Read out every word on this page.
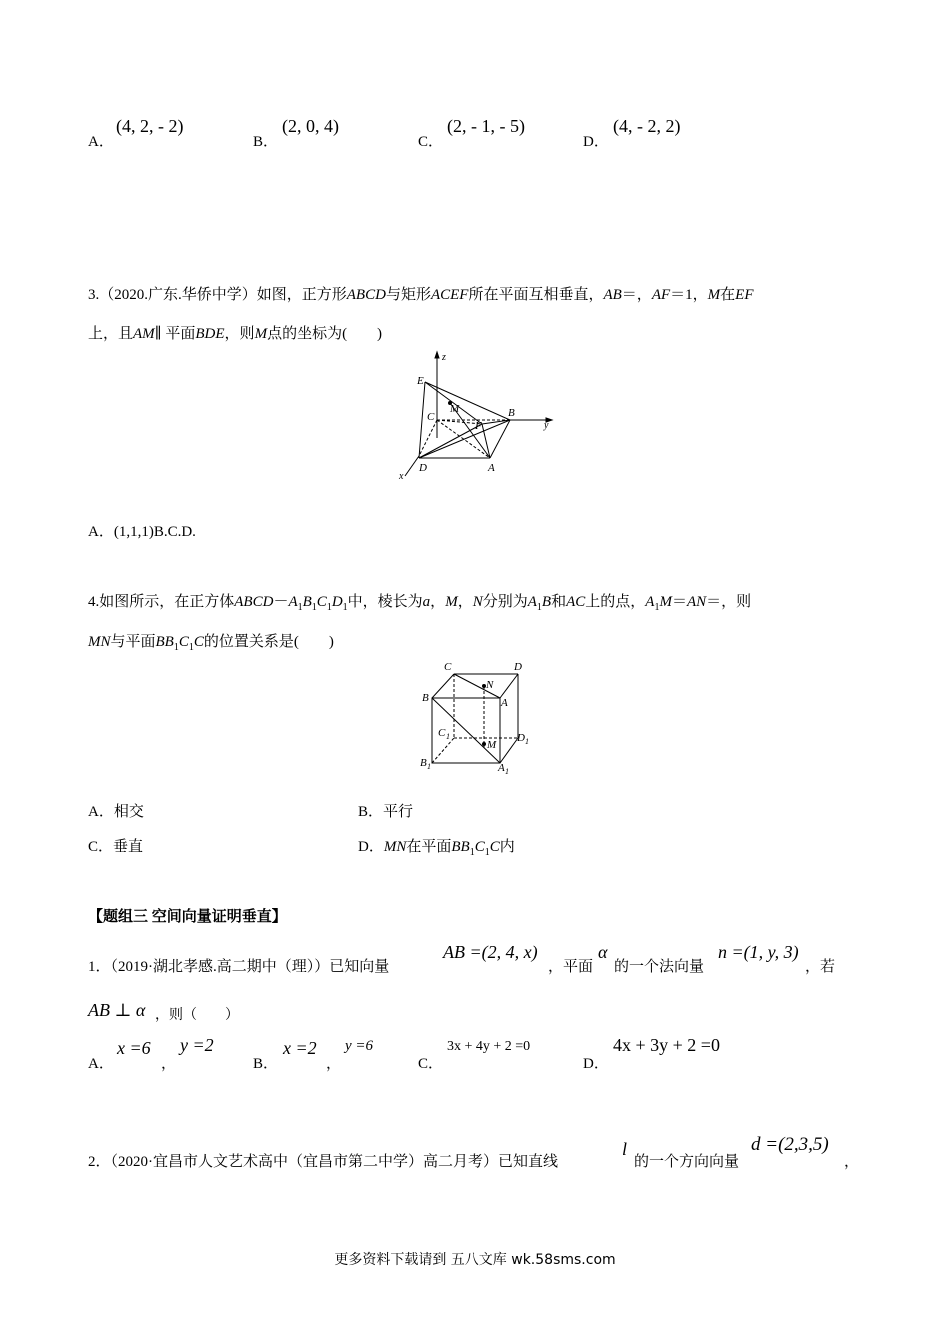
A．
(4, 2, - 2)
B．
(2, 0, 4)
C．
(2, - 1, - 5)
D．
(4, - 2, 2)
3.（2020.广东.华侨中学）如图，正方形ABCD与矩形ACEF所在平面互相垂直，AB＝，AF＝1，M在EF
上，且AM∥ 平面BDE，则M点的坐标为(　　)
z
E
C
M	B
F	y
x
D	A
A．(1,1,1)B.C.D.
4.如图所示，在正方体$ABCD-A_1B_1C_1D_1$中，棱长为a，M，N分别为$A_1B$和AC上的点，$A_1M=AN=$，则
MN与平面$BB_1C_1C$的位置关系是(　　)
C	D
N
B	A
C 1	D 1
M
B 1	A 1
A．相交	B．平行
C．垂直	D．MN在平面$BB_1C_1C$内
【题组三 空间向量证明垂直】
1．（2019·湖北孝感.高二期中（理））已知向量
AB =(2, 4, x)
，平面
α
的一个法向量
n =(1, y, 3)
，若
AB ⊥ α ，则（　　）
A．
x =6
，
y =2
B．
x =2
，
y =6
C．
3x + 4y + 2 =0
D．
4x + 3y + 2 =0
2．（2020·宜昌市人文艺术高中（宜昌市第二中学）高二月考）已知直线
l
的一个方向向量
d =(2,3,5)
，
更多资料下载请到 五八文库 wk.58sms.com
